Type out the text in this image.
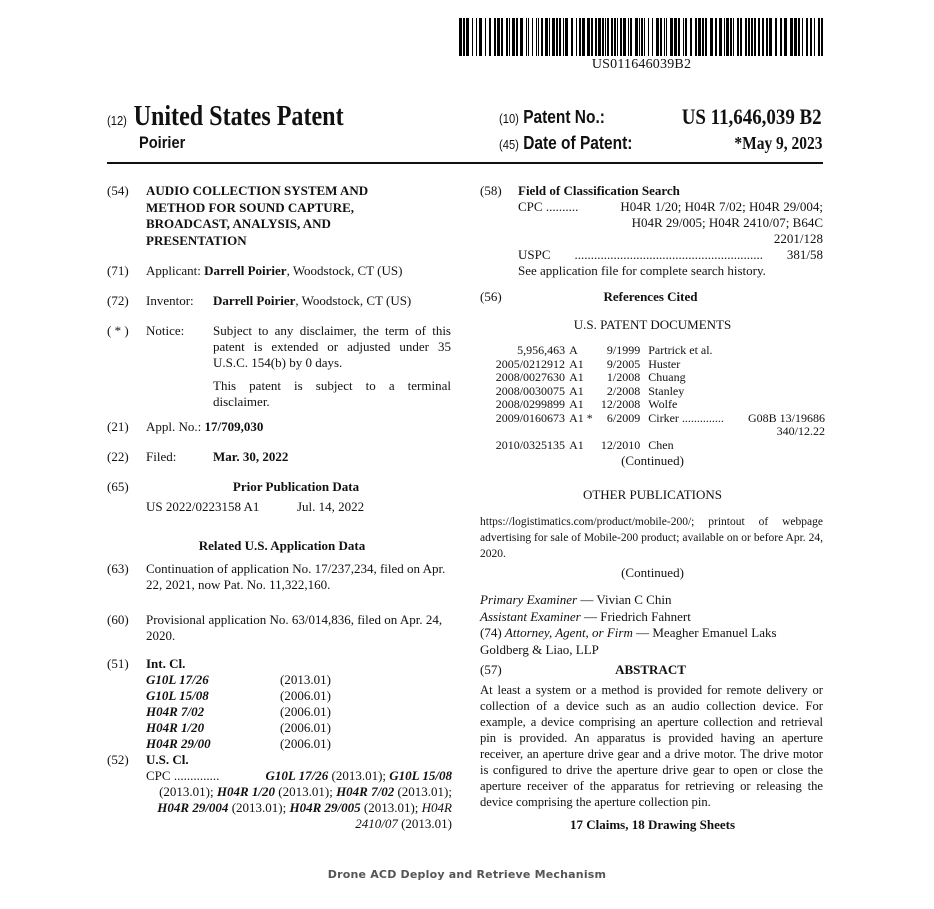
US011646039B2
(12) United States Patent
Poirier
(10) Patent No.:	US 11,646,039 B2
(45) Date of Patent:	*May 9, 2023
(54) AUDIO COLLECTION SYSTEM AND
METHOD FOR SOUND CAPTURE,
BROADCAST, ANALYSIS, AND
PRESENTATION
(71) Applicant: Darrell Poirier, Woodstock, CT (US)
(72) Inventor: Darrell Poirier, Woodstock, CT (US)
( * ) Notice: Subject to any disclaimer, the term of this patent is extended or adjusted under 35 U.S.C. 154(b) by 0 days.
This patent is subject to a terminal disclaimer.
(21) Appl. No.: 17/709,030
(22) Filed:	Mar. 30, 2022
(65)	Prior Publication Data
US 2022/0223158 A1	Jul. 14, 2022
Related U.S. Application Data
(63) Continuation of application No. 17/237,234, filed on Apr. 22, 2021, now Pat. No. 11,322,160.
(60) Provisional application No. 63/014,836, filed on Apr. 24, 2020.
(51) Int. Cl.
G10L 17/26	(2013.01)
G10L 15/08	(2006.01)
H04R 7/02	(2006.01)
H04R 1/20	(2006.01)
H04R 29/00	(2006.01)
(52) U.S. Cl.
CPC ..............	G10L 17/26 (2013.01); G10L 15/08 (2013.01); H04R 1/20 (2013.01); H04R 7/02 (2013.01); H04R 29/004 (2013.01); H04R 29/005 (2013.01); H04R 2410/07 (2013.01)
(58) Field of Classification Search
CPC ..........	H04R 1/20; H04R 7/02; H04R 29/004;
H04R 29/005; H04R 2410/07; B64C
2201/128
USPC	..........................................................	381/58
See application file for complete search history.
(56)	References Cited
U.S. PATENT DOCUMENTS
5,956,463	A	9/1999	Partrick et al.	
2005/0212912	A1	9/2005	Huster	
2008/0027630	A1	1/2008	Chuang	
2008/0030075	A1	2/2008	Stanley	
2008/0299899	A1	12/2008	Wolfe	
2009/0160673	A1 *	6/2009	Cirker ..............	G08B 13/19686
				340/12.22
2010/0325135	A1	12/2010	Chen	
(Continued)
OTHER PUBLICATIONS
https://logistimatics.com/product/mobile-200/; printout of webpage advertising for sale of Mobile-200 product; available on or before Apr. 24, 2020.
(Continued)
Primary Examiner — Vivian C Chin
Assistant Examiner — Friedrich Fahnert
(74) Attorney, Agent, or Firm — Meagher Emanuel Laks Goldberg & Liao, LLP
(57)	ABSTRACT
At least a system or a method is provided for remote delivery or collection of a device such as an audio collection device. For example, a device comprising an aperture collection and retrieval pin is provided. An apparatus is provided having an aperture receiver, an aperture drive gear and a drive motor. The drive motor is configured to drive the aperture drive gear to open or close the aperture receiver of the apparatus for retrieving or releasing the device comprising the aperture collection pin.
17 Claims, 18 Drawing Sheets
Drone ACD Deploy and Retrieve Mechanism
